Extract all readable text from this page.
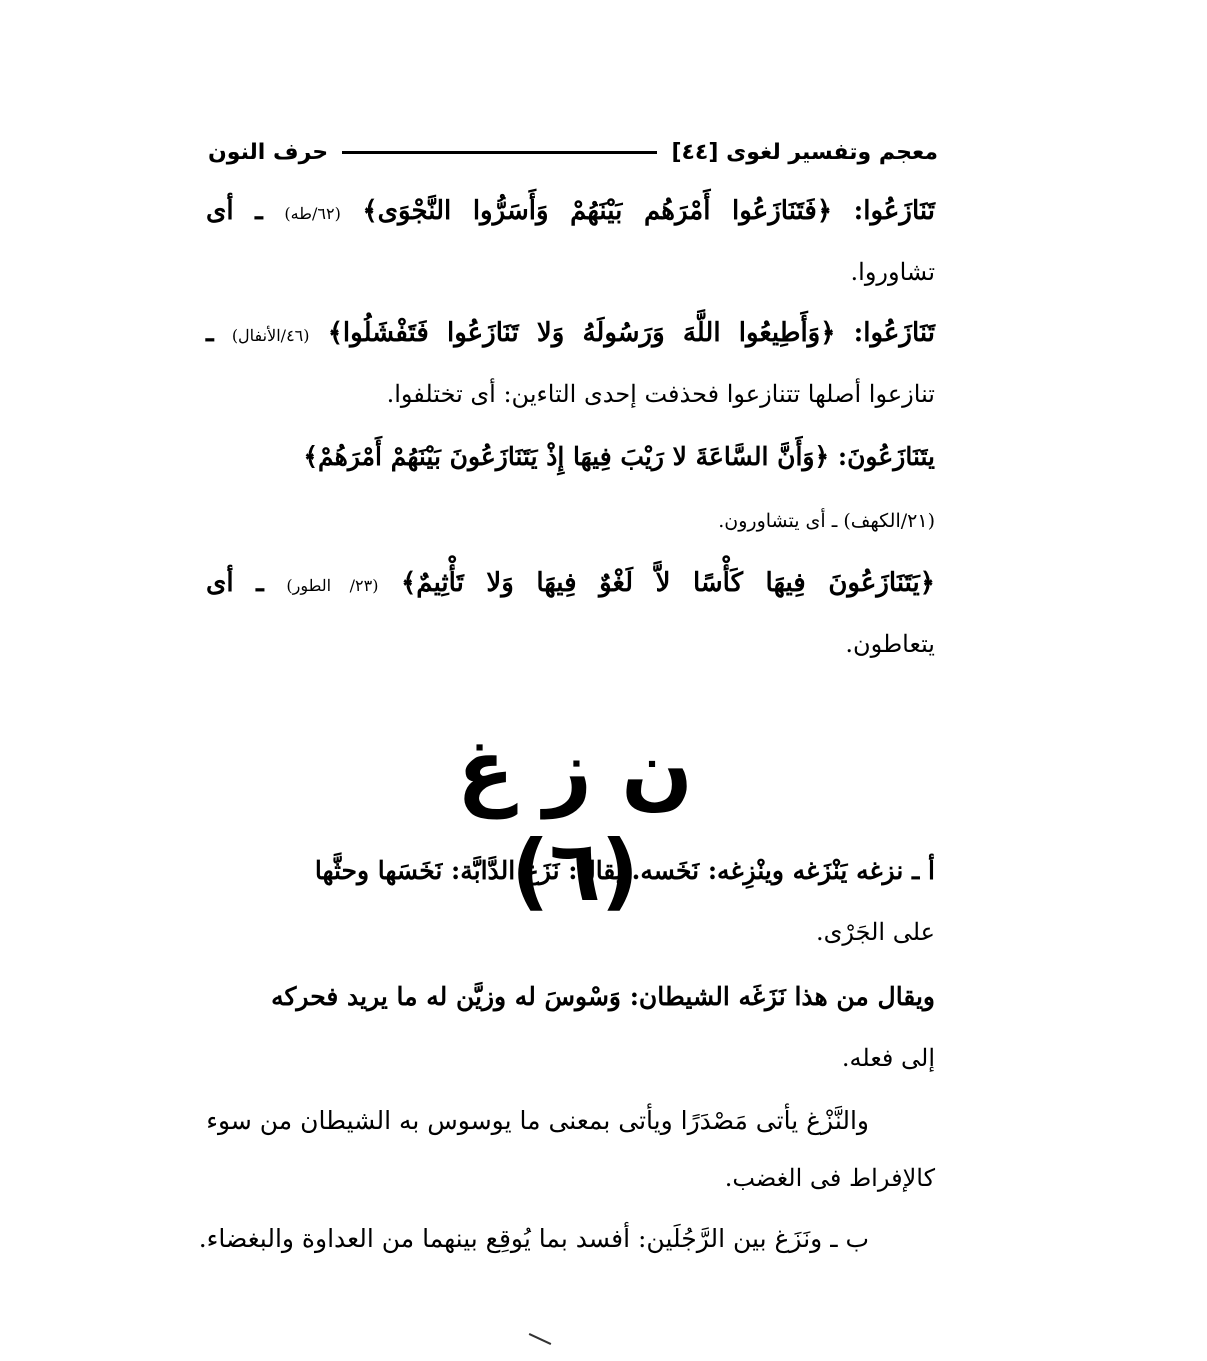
[٤٤] معجم وتفسير لغوى
حرف النون
تَنَازَعُوا: ﴿فَتَنَازَعُوا أَمْرَهُم بَيْنَهُمْ وَأَسَرُّوا النَّجْوَى﴾ (٦٢/طه) ـ أى
تشاوروا.
تَنَازَعُوا: ﴿وَأَطِيعُوا اللَّهَ وَرَسُولَهُ وَلا تَنَازَعُوا فَتَفْشَلُوا﴾ (٤٦/الأنفال) ـ
تنازعوا أصلها تتنازعوا فحذفت إحدى التاءين: أى تختلفوا.
يتَنَازَعُونَ: ﴿وَأَنَّ السَّاعَةَ لا رَيْبَ فِيهَا إِذْ يَتَنَازَعُونَ بَيْنَهُمْ أَمْرَهُمْ﴾
(٢١/الكهف) ـ أى يتشاورون.
﴿يَتَنَازَعُونَ فِيهَا كَأْسًا لاَّ لَغْوٌ فِيهَا وَلا تَأْثِيمٌ﴾ (٢٣/ الطور) ـ أى
يتعاطون.
ن ز غ (٦)
أ ـ نزغه يَنْزَغه وينْزِغه: نَخَسه. يقال: نَزَغ الدَّابَّة: نَخَسَها وحثَّها
على الجَرْى.
ويقال من هذا نَزَغَه الشيطان: وَسْوسَ له وزيَّن له ما يريد فحركه
إلى فعله.
والنَّزْغ يأتى مَصْدَرًا ويأتى بمعنى ما يوسوس به الشيطان من سوء
كالإفراط فى الغضب.
ب ـ ونَزَغ بين الرَّجُلَين: أفسد بما يُوقِع بينهما من العداوة والبغضاء.
